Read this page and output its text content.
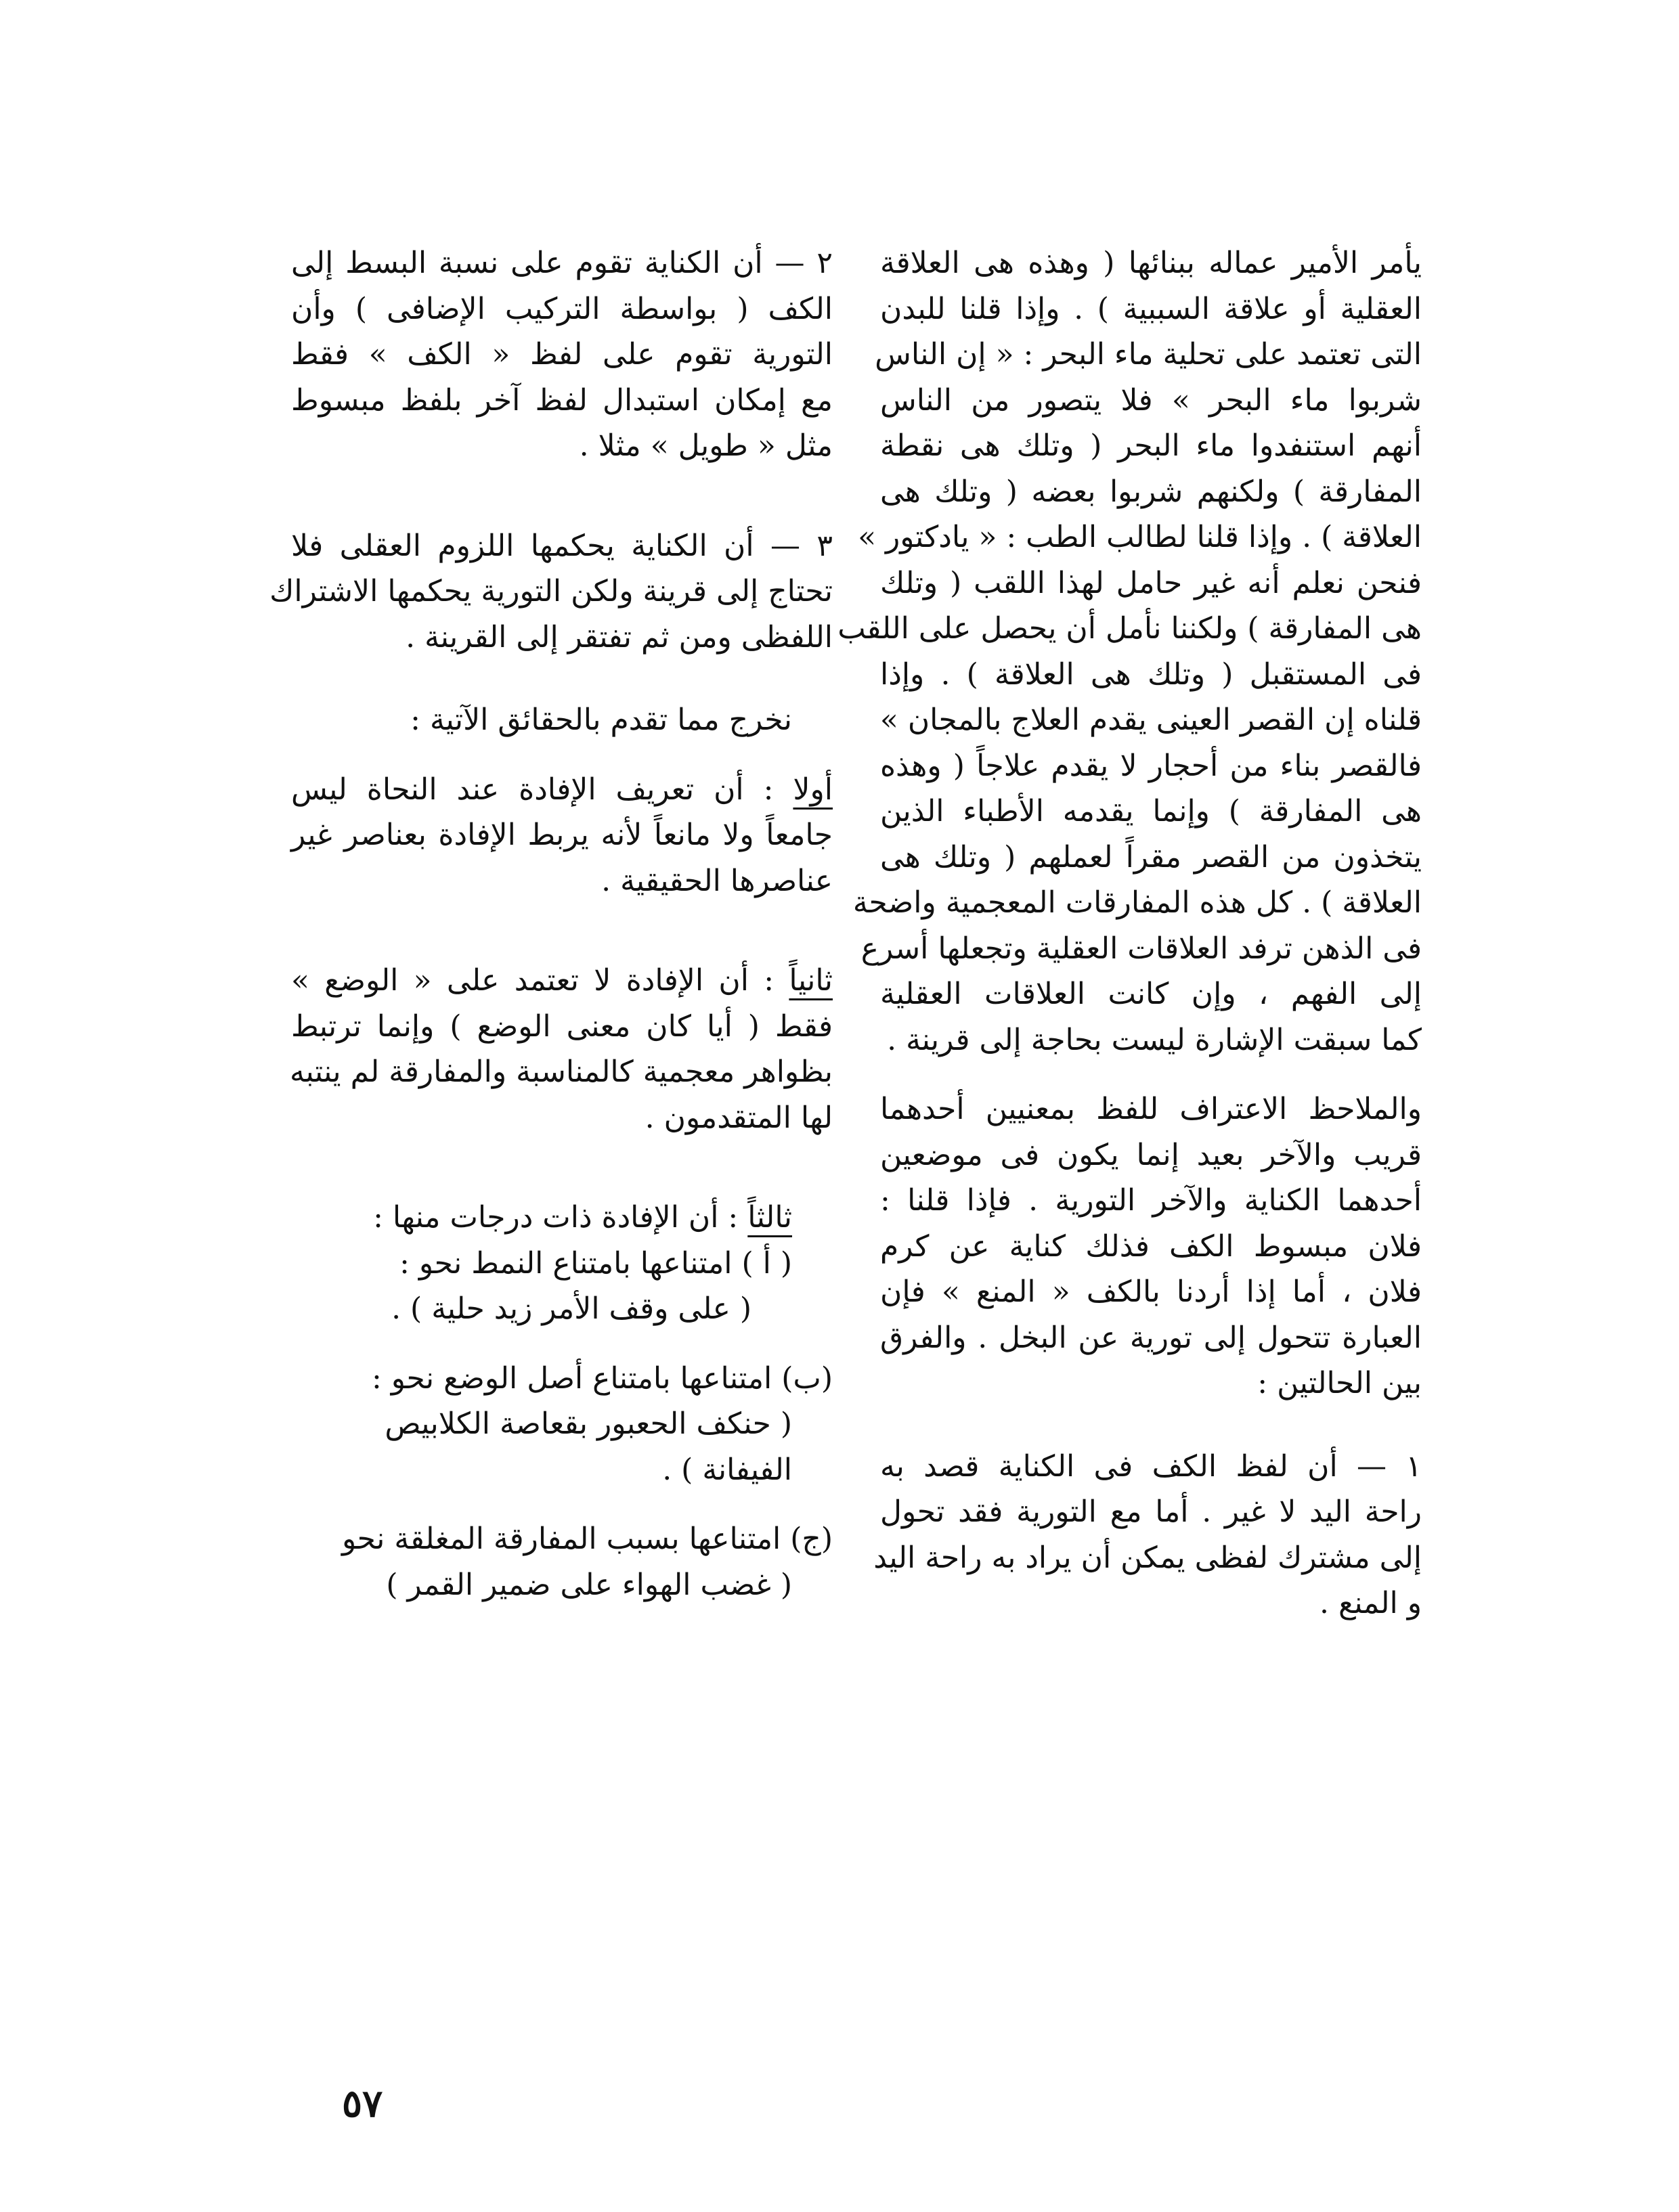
يأمر الأمير عماله ببنائها ( وهذه هى العلاقة
العقلية أو علاقة السببية ) . وإذا قلنا للبدن
التى تعتمد على تحلية ماء البحر : « إن الناس
شربوا ماء البحر » فلا يتصور من الناس
أنهم استنفدوا ماء البحر ( وتلك هى نقطة
المفارقة ) ولكنهم شربوا بعضه ( وتلك هى
العلاقة ) . وإذا قلنا لطالب الطب : « يادكتور »
فنحن نعلم أنه غير حامل لهذا اللقب ( وتلك
هى المفارقة ) ولكننا نأمل أن يحصل على اللقب
فى المستقبل ( وتلك هى العلاقة ) . وإذا
قلناه إن القصر العينى يقدم العلاج بالمجان »
فالقصر بناء من أحجار لا يقدم علاجاً ( وهذه
هى المفارقة ) وإنما يقدمه الأطباء الذين
يتخذون من القصر مقراً لعملهم ( وتلك هى
العلاقة ) . كل هذه المفارقات المعجمية واضحة
فى الذهن ترفد العلاقات العقلية وتجعلها أسرع
إلى الفهم ، وإن كانت العلاقات العقلية
كما سبقت الإشارة ليست بحاجة إلى قرينة .
والملاحظ الاعتراف للفظ بمعنيين أحدهما
قريب والآخر بعيد إنما يكون فى موضعين
أحدهما الكناية والآخر التورية . فإذا قلنا :
فلان مبسوط الكف فذلك كناية عن كرم
فلان ، أما إذا أردنا بالكف « المنع » فإن
العبارة تتحول إلى تورية عن البخل . والفرق
بين الحالتين :
١ — أن لفظ الكف فى الكناية قصد به
راحة اليد لا غير . أما مع التورية فقد تحول
إلى مشترك لفظى يمكن أن يراد به راحة اليد
و المنع .
٢ — أن الكناية تقوم على نسبة البسط إلى
الكف ( بواسطة التركيب الإضافى ) وأن
التورية تقوم على لفظ « الكف » فقط
مع إمكان استبدال لفظ آخر بلفظ مبسوط
مثل « طويل » مثلا .
٣ — أن الكناية يحكمها اللزوم العقلى فلا
تحتاج إلى قرينة ولكن التورية يحكمها الاشتراك
اللفظى ومن ثم تفتقر إلى القرينة .
نخرج مما تقدم بالحقائق الآتية :
أولا : أن تعريف الإفادة عند النحاة ليس
جامعاً ولا مانعاً لأنه يربط الإفادة بعناصر غير
عناصرها الحقيقية .
ثانياً : أن الإفادة لا تعتمد على « الوضع »
فقط ( أيا كان معنى الوضع ) وإنما ترتبط
بظواهر معجمية كالمناسبة والمفارقة لم ينتبه
لها المتقدمون .
ثالثاً : أن الإفادة ذات درجات منها :
( أ ) امتناعها بامتناع النمط نحو :
( على وقف الأمر زيد حلية ) .
(ب) امتناعها بامتناع أصل الوضع نحو :
( حنكف الحعبور بقعاصة الكلابيص
الفيفانة ) .
(ج) امتناعها بسبب المفارقة المغلقة نحو
( غضب الهواء على ضمير القمر )
٥٧
